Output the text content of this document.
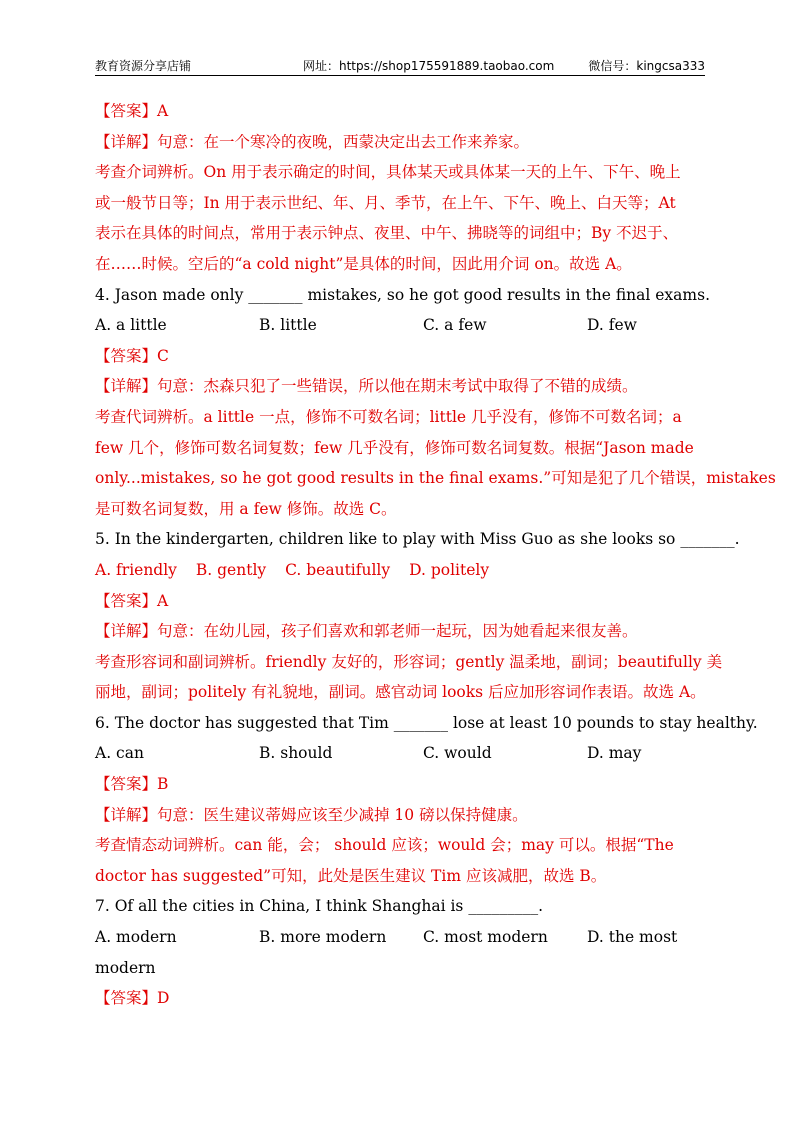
教育资源分享店铺	网址：https://shop175591889.taobao.com	微信号：kingcsa333
【答案】A
【详解】句意：在一个寒冷的夜晚，西蒙决定出去工作来养家。
考查介词辨析。On 用于表示确定的时间，具体某天或具体某一天的上午、下午、晚上
或一般节日等；In 用于表示世纪、年、月、季节，在上午、下午、晚上、白天等；At
表示在具体的时间点，常用于表示钟点、夜里、中午、拂晓等的词组中；By 不迟于、
在……时候。空后的“a cold night”是具体的时间，因此用介词 on。故选 A。
4. Jason made only _______ mistakes, so he got good results in the final exams.
A. a little	B. little	C. a few	D. few
【答案】C
【详解】句意：杰森只犯了一些错误，所以他在期末考试中取得了不错的成绩。
考查代词辨析。a little 一点，修饰不可数名词；little 几乎没有，修饰不可数名词；a
few 几个，修饰可数名词复数；few 几乎没有，修饰可数名词复数。根据“Jason made
only...mistakes, so he got good results in the final exams.”可知是犯了几个错误，mistakes
是可数名词复数，用 a few 修饰。故选 C。
5. In the kindergarten, children like to play with Miss Guo as she looks so _______.
A. friendly B. gently C. beautifully D. politely
【答案】A
【详解】句意：在幼儿园，孩子们喜欢和郭老师一起玩，因为她看起来很友善。
考查形容词和副词辨析。friendly 友好的，形容词；gently 温柔地，副词；beautifully 美
丽地，副词；politely 有礼貌地，副词。感官动词 looks 后应加形容词作表语。故选 A。
6. The doctor has suggested that Tim _______ lose at least 10 pounds to stay healthy.
A. can	B. should	C. would	D. may
【答案】B
【详解】句意：医生建议蒂姆应该至少减掉 10 磅以保持健康。
考查情态动词辨析。can 能，会； should 应该；would 会；may 可以。根据“The
doctor has suggested”可知，此处是医生建议 Tim 应该减肥，故选 B。
7. Of all the cities in China, I think Shanghai is _________.
A. modern	B. more modern C. most modern	D. the most
modern
【答案】D
